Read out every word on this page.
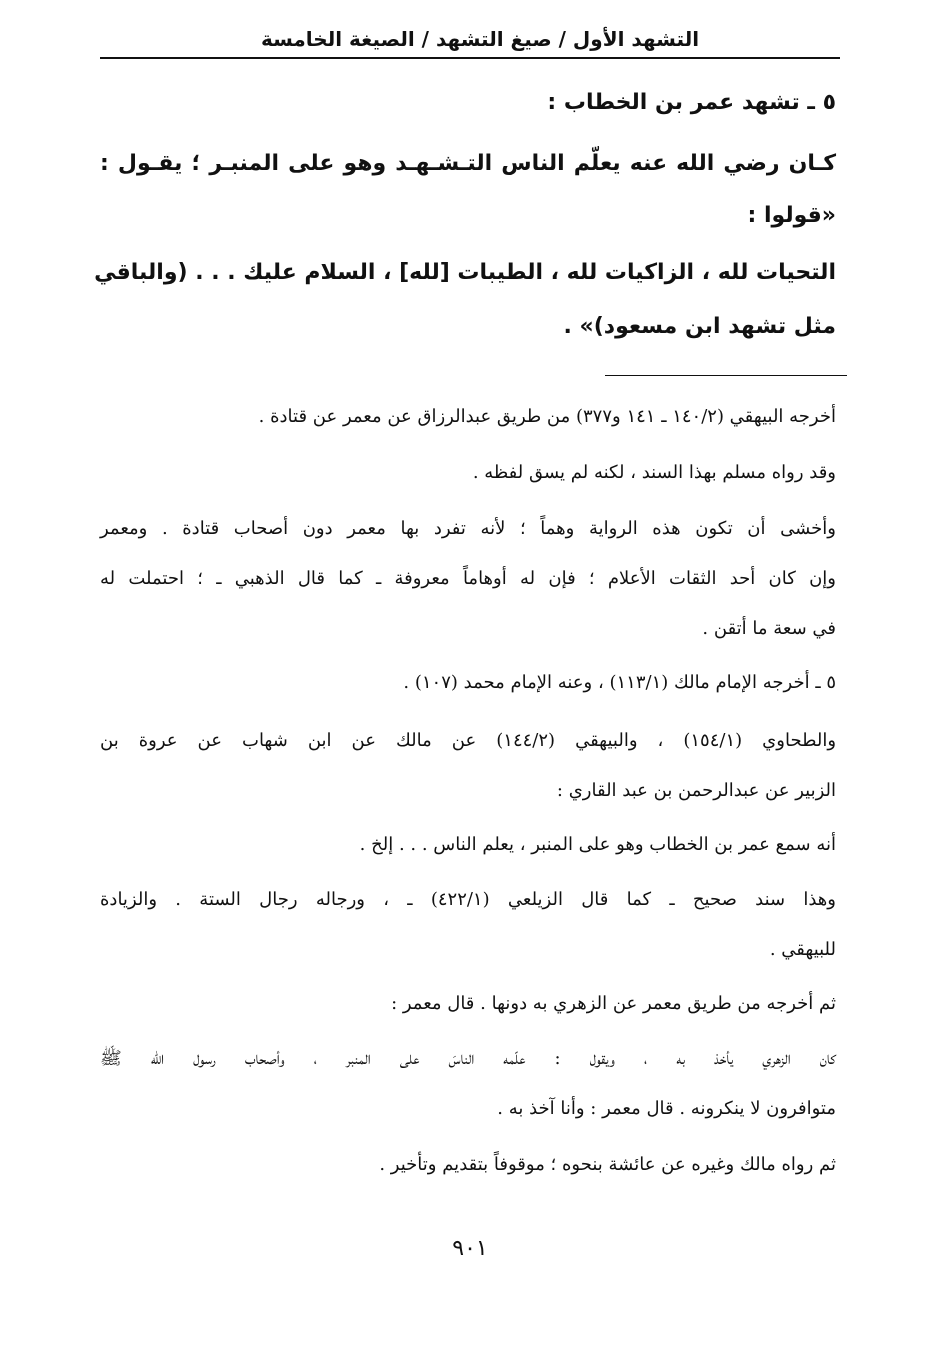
التشهد الأول / صيغ التشهد / الصيغة الخامسة
٥ ـ تشهد عمر بن الخطاب :
كـان رضي الله عنه يعلّم الناس التـشـهـد وهو على المنبـر ؛ يقـول :
«قولوا :
التحيات لله ، الزاكيات لله ، الطيبات [لله] ، السلام عليك . . . (والباقي
مثل تشهد ابن مسعود)» .
أخرجه البيهقي (١٤٠/٢ ـ ١٤١ و٣٧٧) من طريق عبدالرزاق عن معمر عن قتادة .
وقد رواه مسلم بهذا السند ، لكنه لم يسق لفظه .
وأخشى أن تكون هذه الرواية وهماً ؛ لأنه تفرد بها معمر دون أصحاب قتادة . ومعمر
وإن كان أحد الثقات الأعلام ؛ فإن له أوهاماً معروفة ـ كما قال الذهبي ـ ؛ احتملت له
في سعة ما أتقن .
٥ ـ أخرجه الإمام مالك (١١٣/١) ، وعنه الإمام محمد (١٠٧) .
والطحاوي (١٥٤/١) ، والبيهقي (١٤٤/٢) عن مالك عن ابن شهاب عن عروة بن
الزبير عن عبدالرحمن بن عبد القاري :
أنه سمع عمر بن الخطاب وهو على المنبر ، يعلم الناس . . . إلخ .
وهذا سند صحيح ـ كما قال الزيلعي (٤٢٢/١) ـ ، ورجاله رجال الستة . والزيادة
للبيهقي .
ثم أخرجه من طريق معمر عن الزهري به دونها . قال معمر :
كان الزهري يأخذ به ، ويقول : علّمه الناسَ على المنبر ، وأصحاب رسول الله ﷺ
متوافرون لا ينكرونه . قال معمر : وأنا آخذ به .
ثم رواه مالك وغيره عن عائشة بنحوه ؛ موقوفاً بتقديم وتأخير .
٩٠١
